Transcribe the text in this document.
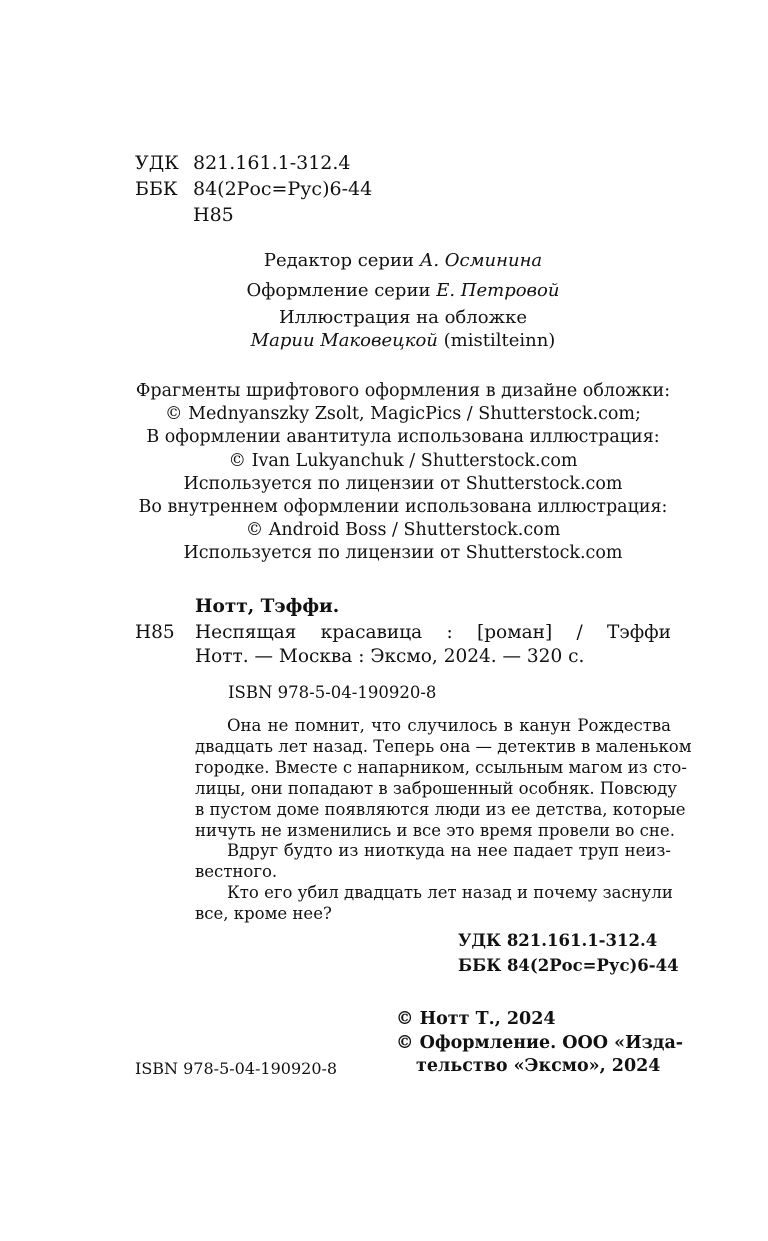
УДК 821.161.1-312.4
ББК 84(2Рос=Рус)6-44
Н85
Редактор серии А. Осминина
Оформление серии Е. Петровой
Иллюстрация на обложке
Марии Маковецкой (mistilteinn)
Фрагменты шрифтового оформления в дизайне обложки:
© Mednyanszky Zsolt, MagicPics / Shutterstock.com;
В оформлении авантитула использована иллюстрация:
© Ivan Lukyanchuk / Shutterstock.com
Используется по лицензии от Shutterstock.com
Во внутреннем оформлении использована иллюстрация:
© Android Boss / Shutterstock.com
Используется по лицензии от Shutterstock.com
Нотт, Тэффи.
Н85 Неспящая красавица : [роман] / Тэффи
Нотт. — Москва : Эксмо, 2024. — 320 с.
ISBN 978-5-04-190920-8
Она не помнит, что случилось в канун Рождества
двадцать лет назад. Теперь она — детектив в маленьком
городке. Вместе с напарником, ссыльным магом из сто-
лицы, они попадают в заброшенный особняк. Повсюду
в пустом доме появляются люди из ее детства, которые
ничуть не изменились и все это время провели во сне.
Вдруг будто из ниоткуда на нее падает труп неиз-
вестного.
Кто его убил двадцать лет назад и почему заснули
все, кроме нее?
УДК 821.161.1-312.4
ББК 84(2Рос=Рус)6-44
© Нотт Т., 2024
© Оформление. ООО «Изда-
тельство «Эксмо», 2024
ISBN 978-5-04-190920-8
